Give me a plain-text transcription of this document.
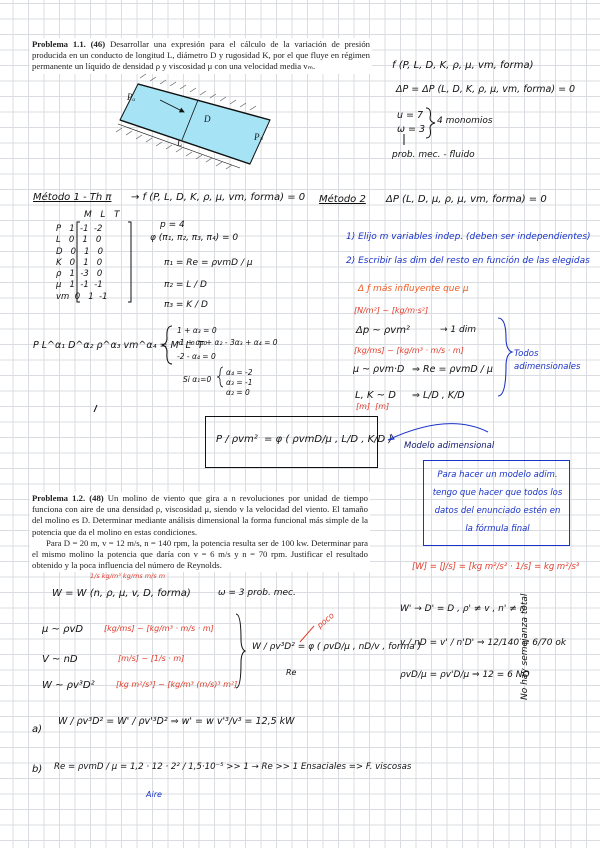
Problema 1.1. (46) Desarrollar una expresión para el cálculo de la variación de presión producida en un conducto de longitud L, diámetro D y rugosidad K, por el que fluye en régimen permanente un líquido de densidad ρ y viscosidad μ con una velocidad media vₘ.
Pₐ
Pₛ
D
L
f (P, L, D, K, ρ, μ, vm, forma)
ΔP = ΔP (L, D, K, ρ, μ, vm, forma) = 0
u = 7
ω = 3
4 monomios
prob. mec. - fluido
Método 1 - Th π → f (P, L, D, K, ρ, μ, vm, forma) = 0
M   L   T
P   1  -1  -2
L   0   1   0
D   0   1   0
K   0   1   0
ρ   1  -3   0
μ   1  -1  -1
vm  0   1  -1
p = 4
φ (π₁, π₂, π₃, π₄) = 0
π₁ = Re = ρvmD / μ
π₂ = L / D
π₃ = K / D
P L^α₁ D^α₂ ρ^α₃ vm^α₄ = M⁰ L⁰ T⁰
1 + α₃ = 0
-1 + α₁ + α₂ - 3α₃ + α₄ = 0
-2 - α₄ = 0
Si α₁=0
α₄ = -2
α₃ = -1
α₂ = 0
P / ρvm² = φ ( ρvmD/μ , L/D , K/D )
Método 2 ΔP (L, D, μ, ρ, μ, vm, forma) = 0
1) Elijo m variables indep. (deben ser independientes)
2) Escribir las dim del resto en función de las elegidas
Δ ƒ más influyente que μ
[N/m²] ~ [kg/m·s²]
Δp ~ ρvm²	→ 1 dim
[kg/ms] ~ [kg/m³ · m/s · m]
μ ~ ρvm·D ⇒ Re = ρvmD / μ
L, K ~ D ⇒ L/D , K/D
[m]  [m]
Todos adimensionales
Modelo adimensional
Para hacer un modelo adim. tengo que hacer que todos los datos del enunciado estén en la fórmula final
Problema 1.2. (48) Un molino de viento que gira a n revoluciones por unidad de tiempo funciona con aire de una densidad ρ, viscosidad μ, siendo v la velocidad del viento. El tamaño del molino es D. Determinar mediante análisis dimensional la forma funcional más simple de la potencia que da el molino en estas condiciones.
Para D = 20 m, v = 12 m/s, n = 140 rpm, la potencia resulta ser de 100 kw. Determinar para el mismo molino la potencia que daría con v = 6 m/s y n = 70 rpm. Justificar el resultado obtenido y la poca influencia del número de Reynolds.	[W] = [J/s] = [kg m²/s² · 1/s] = kg m²/s³
1/s kg/m³ kg/ms m/s m
W = W (n, ρ, μ, v, D, forma)	ω = 3 prob. mec.
μ ~ ρvD	[kg/ms] ~ [kg/m³ · m/s · m]
V ~ nD	[m/s] ~ [1/s · m]
W ~ ρv³D²	[kg m²/s³] ~ [kg/m³ (m/s)³ m²]
W / ρv³D² = φ ( ρvD/μ , nD/v , forma )
Re
poco
W' → D' = D , ρ' ≠ v , n' ≠ n
v / nD = v' / n'D' ⇒ 12/140 = 6/70 ok
ρvD/μ = ρv'D/μ ⇒ 12 = 6 NO
No hay semejanza total
a)
W / ρv³D² = W' / ρv'³D² ⇒ w' = w v'³/v³ = 12,5 kW
b) Re = ρvmD / μ = 1,2 · 12 · 2² / 1,5·10⁻⁵ >> 1 → Re >> 1 Ensaciales => F. viscosas
Aire
